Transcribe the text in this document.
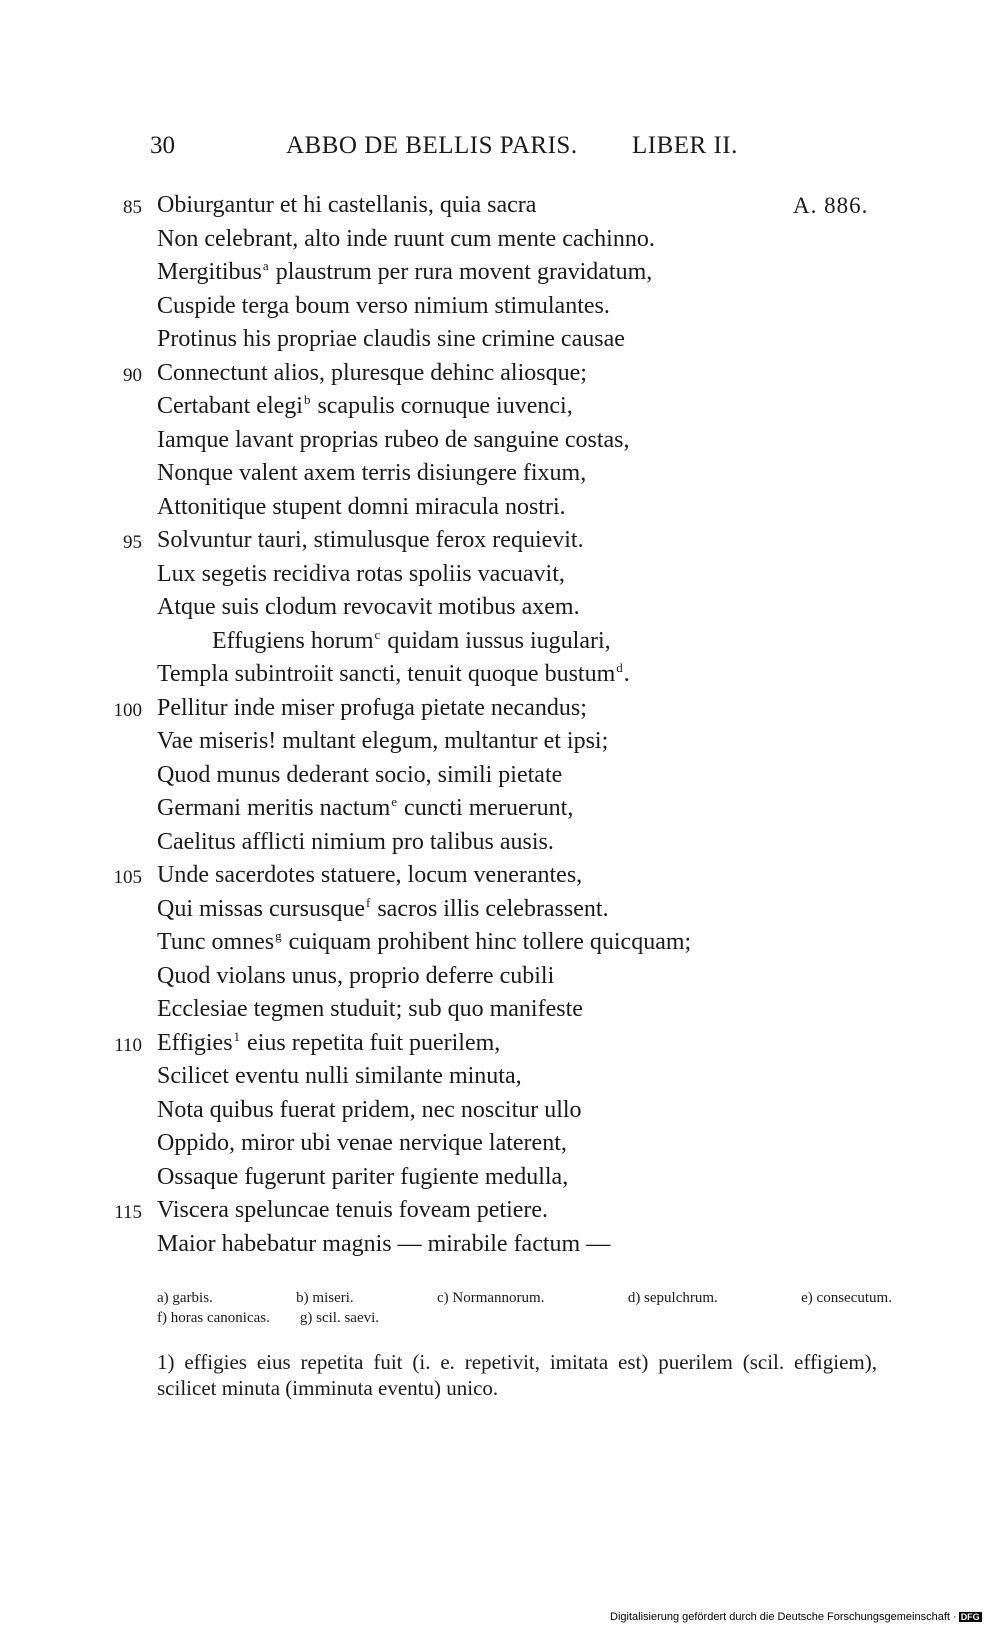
30	ABBO DE BELLIS PARIS. LIBER II.
85 Obiurgantur et hi castellanis, quia sacra	A. 886.
Non celebrant, alto inde ruunt cum mente cachinno.
Mergitibus$^a$ plaustrum per rura movent gravidatum,
Cuspide terga boum verso nimium stimulantes.
Protinus his propriae claudis sine crimine causae
90 Connectunt alios, pluresque dehinc aliosque;
Certabant elegi$^b$ scapulis cornuque iuvenci,
Iamque lavant proprias rubeo de sanguine costas,
Nonque valent axem terris disiungere fixum,
Attonitique stupent domni miracula nostri.
95 Solvuntur tauri, stimulusque ferox requievit.
Lux segetis recidiva rotas spoliis vacuavit,
Atque suis clodum revocavit motibus axem.
Effugiens horum$^c$ quidam iussus iugulari,
Templa subintroiit sancti, tenuit quoque bustum$^d$.
100 Pellitur inde miser profuga pietate necandus;
Vae miseris! multant elegum, multantur et ipsi;
Quod munus dederant socio, simili pietate
Germani meritis nactum$^e$ cuncti meruerunt,
Caelitus afflicti nimium pro talibus ausis.
105 Unde sacerdotes statuere, locum venerantes,
Qui missas cursusque$^f$ sacros illis celebrassent.
Tunc omnes$^g$ cuiquam prohibent hinc tollere quicquam;
Quod violans unus, proprio deferre cubili
Ecclesiae tegmen studuit; sub quo manifeste
110 Effigies$^1$ eius repetita fuit puerilem,
Scilicet eventu nulli similante minuta,
Nota quibus fuerat pridem, nec noscitur ullo
Oppido, miror ubi venae nervique laterent,
Ossaque fugerunt pariter fugiente medulla,
115 Viscera speluncae tenuis foveam petiere.
Maior habebatur magnis — mirabile factum —
a) garbis.	b) miseri.	c) Normannorum.	d) sepulchrum.	e) consecutum.
f) horas canonicas. g) scil. saevi.
1) effigies eius repetita fuit (i. e. repetivit, imitata est) puerilem (scil. effigiem), scilicet minuta (imminuta eventu) unico.
Digitalisierung gefördert durch die Deutsche Forschungsgemeinschaft · DFG
